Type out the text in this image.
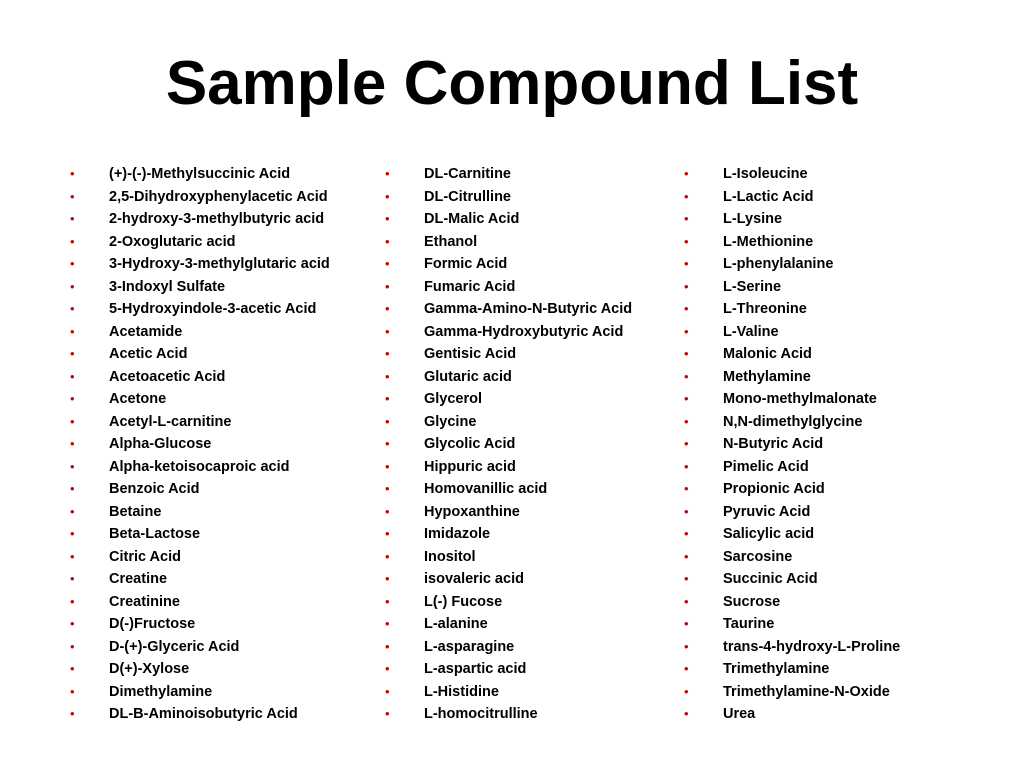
Sample Compound List
• (+)-(-)-Methylsuccinic Acid
• 2,5-Dihydroxyphenylacetic Acid
• 2-hydroxy-3-methylbutyric acid
• 2-Oxoglutaric acid
• 3-Hydroxy-3-methylglutaric acid
• 3-Indoxyl Sulfate
• 5-Hydroxyindole-3-acetic Acid
• Acetamide
• Acetic Acid
• Acetoacetic Acid
• Acetone
• Acetyl-L-carnitine
• Alpha-Glucose
• Alpha-ketoisocaproic acid
• Benzoic Acid
• Betaine
• Beta-Lactose
• Citric Acid
• Creatine
• Creatinine
• D(-)Fructose
• D-(+)-Glyceric Acid
• D(+)-Xylose
• Dimethylamine
• DL-B-Aminoisobutyric Acid
• DL-Carnitine
• DL-Citrulline
• DL-Malic Acid
• Ethanol
• Formic Acid
• Fumaric Acid
• Gamma-Amino-N-Butyric Acid
• Gamma-Hydroxybutyric Acid
• Gentisic Acid
• Glutaric acid
• Glycerol
• Glycine
• Glycolic Acid
• Hippuric acid
• Homovanillic acid
• Hypoxanthine
• Imidazole
• Inositol
• isovaleric acid
• L(-) Fucose
• L-alanine
• L-asparagine
• L-aspartic acid
• L-Histidine
• L-homocitrulline
• L-Isoleucine
• L-Lactic Acid
• L-Lysine
• L-Methionine
• L-phenylalanine
• L-Serine
• L-Threonine
• L-Valine
• Malonic Acid
• Methylamine
• Mono-methylmalonate
• N,N-dimethylglycine
• N-Butyric Acid
• Pimelic Acid
• Propionic Acid
• Pyruvic Acid
• Salicylic acid
• Sarcosine
• Succinic Acid
• Sucrose
• Taurine
• trans-4-hydroxy-L-Proline
• Trimethylamine
• Trimethylamine-N-Oxide
• Urea
